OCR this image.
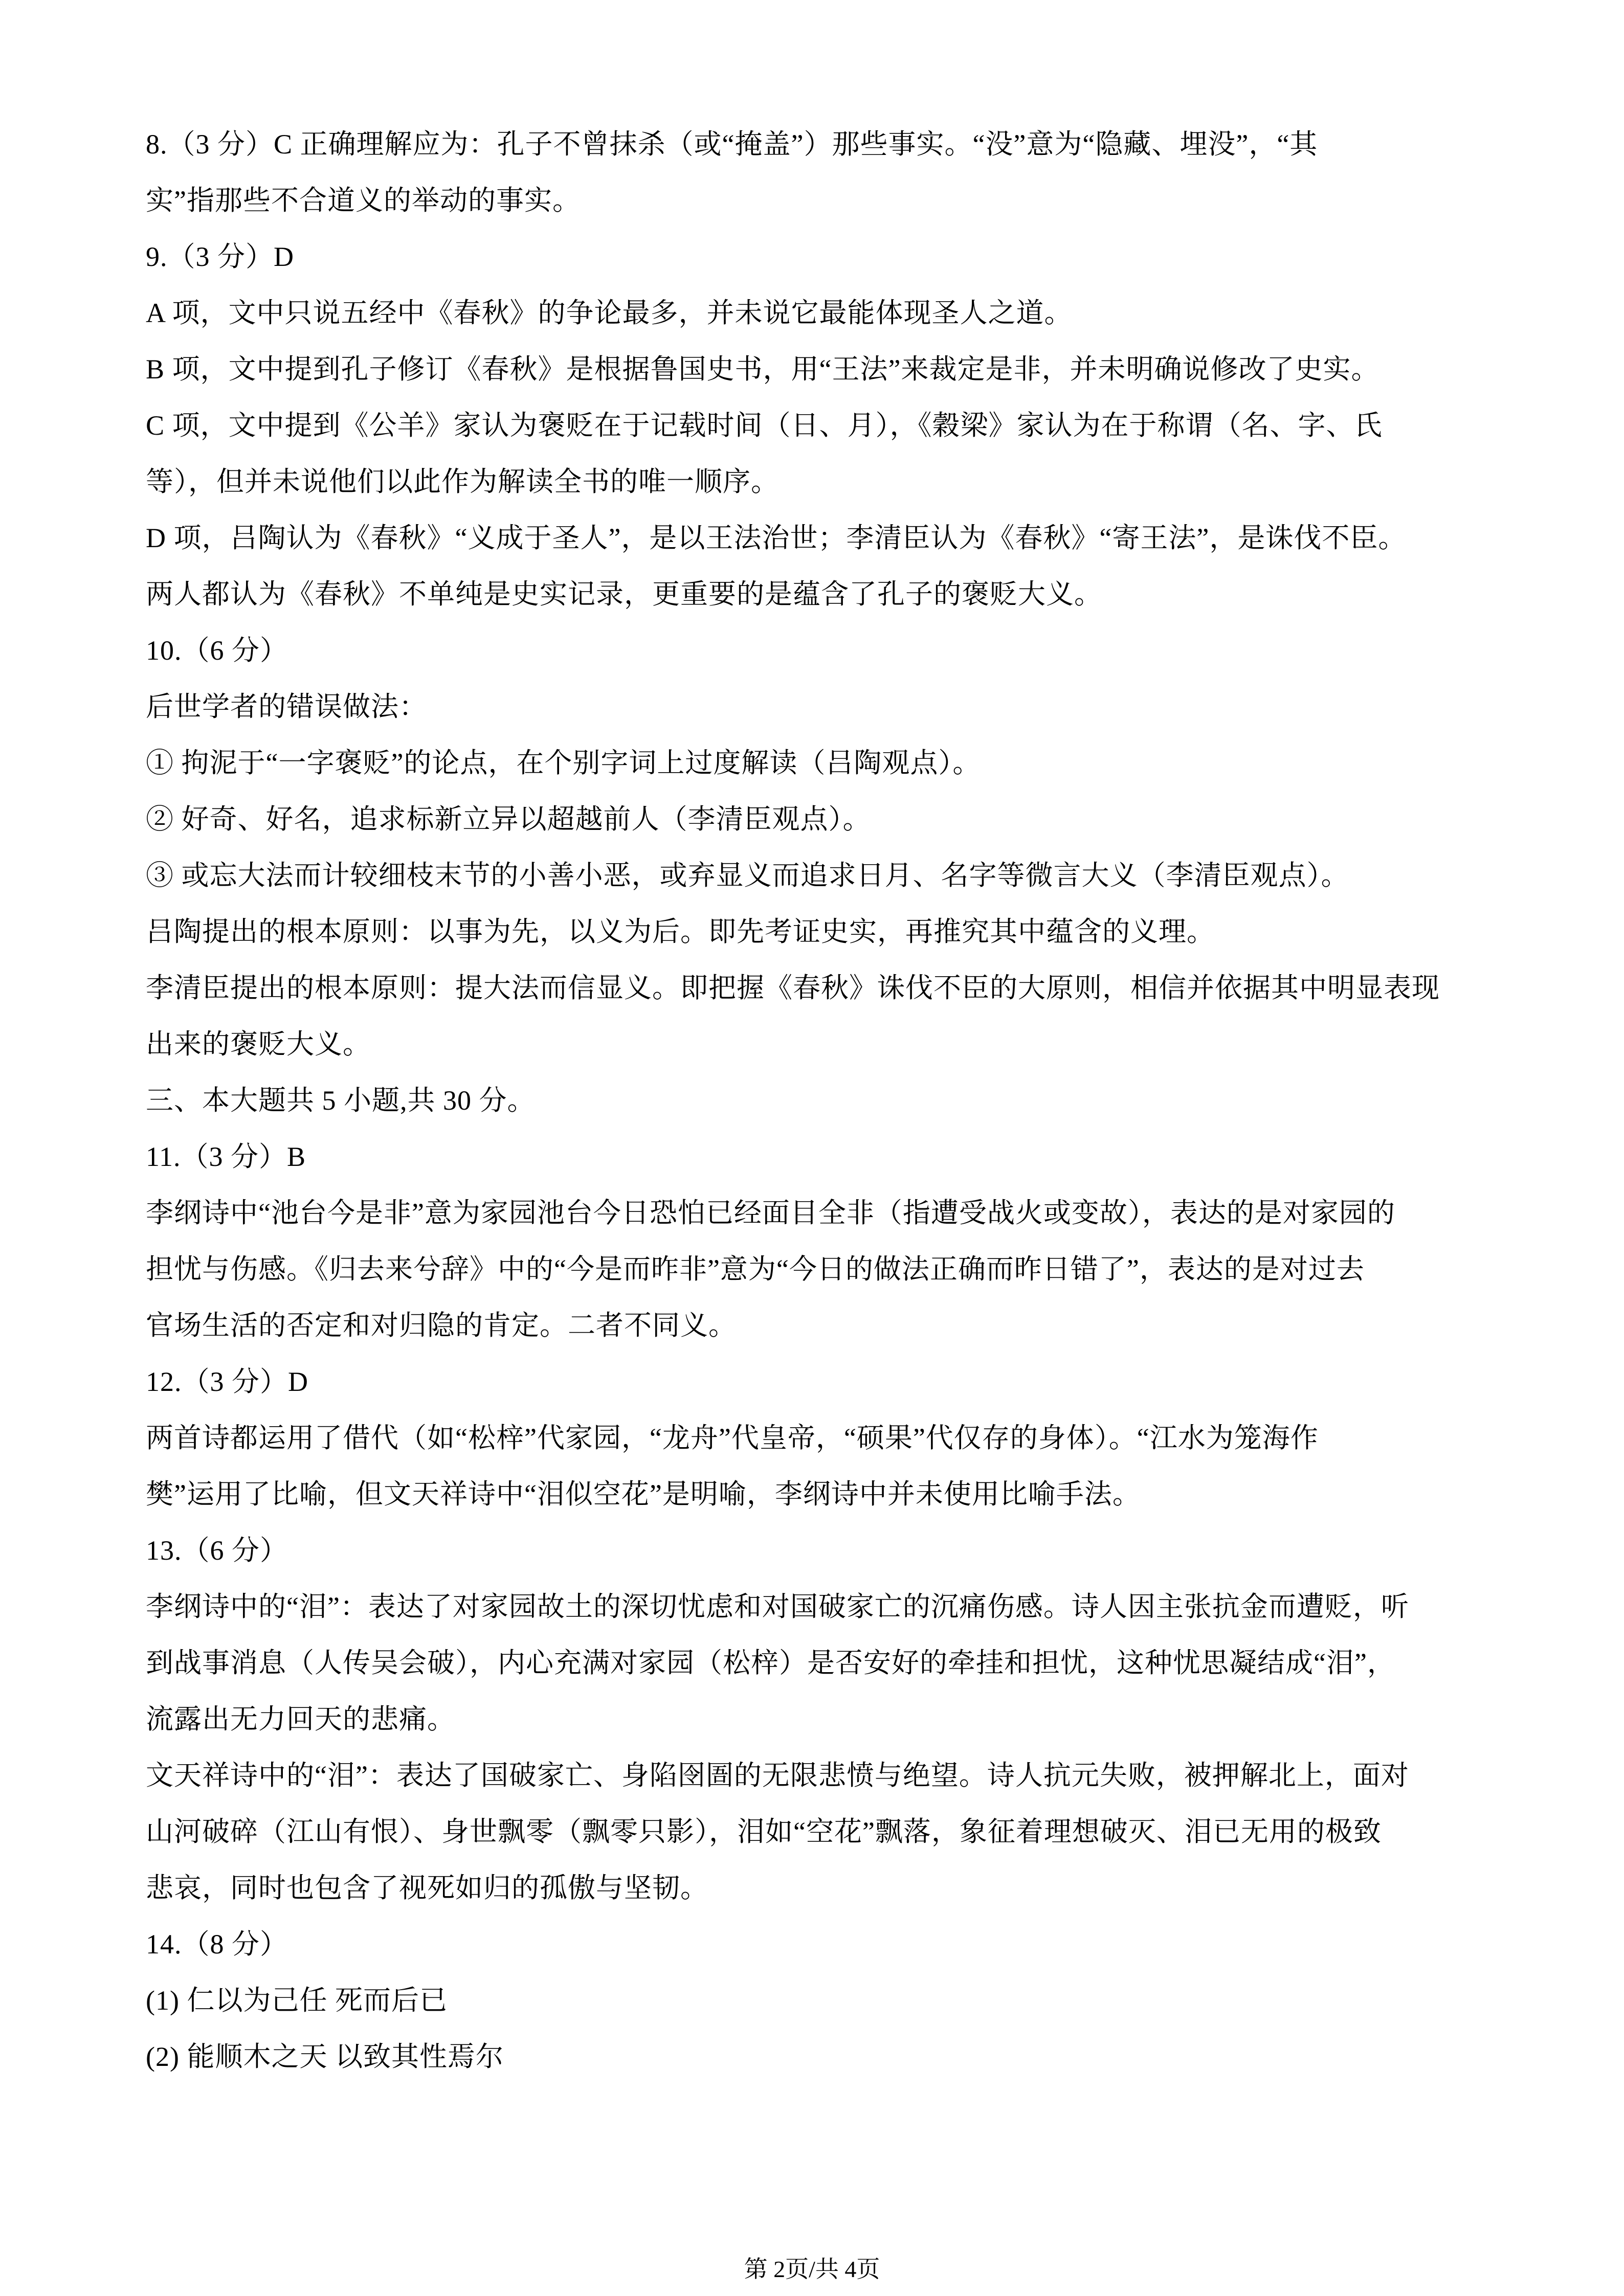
8.（3 分）C 正确理解应为：孔子不曾抹杀（或“掩盖”）那些事实。“没”意为“隐藏、埋没”，“其
实”指那些不合道义的举动的事实。
9.（3 分）D
A 项，文中只说五经中《春秋》的争论最多，并未说它最能体现圣人之道。
B 项，文中提到孔子修订《春秋》是根据鲁国史书，用“王法”来裁定是非，并未明确说修改了史实。
C 项，文中提到《公羊》家认为褒贬在于记载时间（日、月），《穀梁》家认为在于称谓（名、字、氏
等），但并未说他们以此作为解读全书的唯一顺序。
D 项，吕陶认为《春秋》“义成于圣人”，是以王法治世；李清臣认为《春秋》“寄王法”，是诛伐不臣。
两人都认为《春秋》不单纯是史实记录，更重要的是蕴含了孔子的褒贬大义。
10.（6 分）
后世学者的错误做法：
① 拘泥于“一字褒贬”的论点，在个别字词上过度解读（吕陶观点）。
② 好奇、好名，追求标新立异以超越前人（李清臣观点）。
③ 或忘大法而计较细枝末节的小善小恶，或弃显义而追求日月、名字等微言大义（李清臣观点）。
吕陶提出的根本原则：以事为先，以义为后。即先考证史实，再推究其中蕴含的义理。
李清臣提出的根本原则：提大法而信显义。即把握《春秋》诛伐不臣的大原则，相信并依据其中明显表现
出来的褒贬大义。
三、本大题共 5 小题,共 30 分。
11.（3 分）B
李纲诗中“池台今是非”意为家园池台今日恐怕已经面目全非（指遭受战火或变故），表达的是对家园的
担忧与伤感。《归去来兮辞》中的“今是而昨非”意为“今日的做法正确而昨日错了”，表达的是对过去
官场生活的否定和对归隐的肯定。二者不同义。
12.（3 分）D
两首诗都运用了借代（如“松梓”代家园，“龙舟”代皇帝，“硕果”代仅存的身体）。“江水为笼海作
樊”运用了比喻，但文天祥诗中“泪似空花”是明喻，李纲诗中并未使用比喻手法。
13.（6 分）
李纲诗中的“泪”：表达了对家园故土的深切忧虑和对国破家亡的沉痛伤感。诗人因主张抗金而遭贬，听
到战事消息（人传吴会破），内心充满对家园（松梓）是否安好的牵挂和担忧，这种忧思凝结成“泪”，
流露出无力回天的悲痛。
文天祥诗中的“泪”：表达了国破家亡、身陷囹圄的无限悲愤与绝望。诗人抗元失败，被押解北上，面对
山河破碎（江山有恨）、身世飘零（飘零只影），泪如“空花”飘落，象征着理想破灭、泪已无用的极致
悲哀，同时也包含了视死如归的孤傲与坚韧。
14.（8 分）
(1) 仁以为己任 死而后已
(2) 能顺木之天 以致其性焉尔
第 2页/共 4页
